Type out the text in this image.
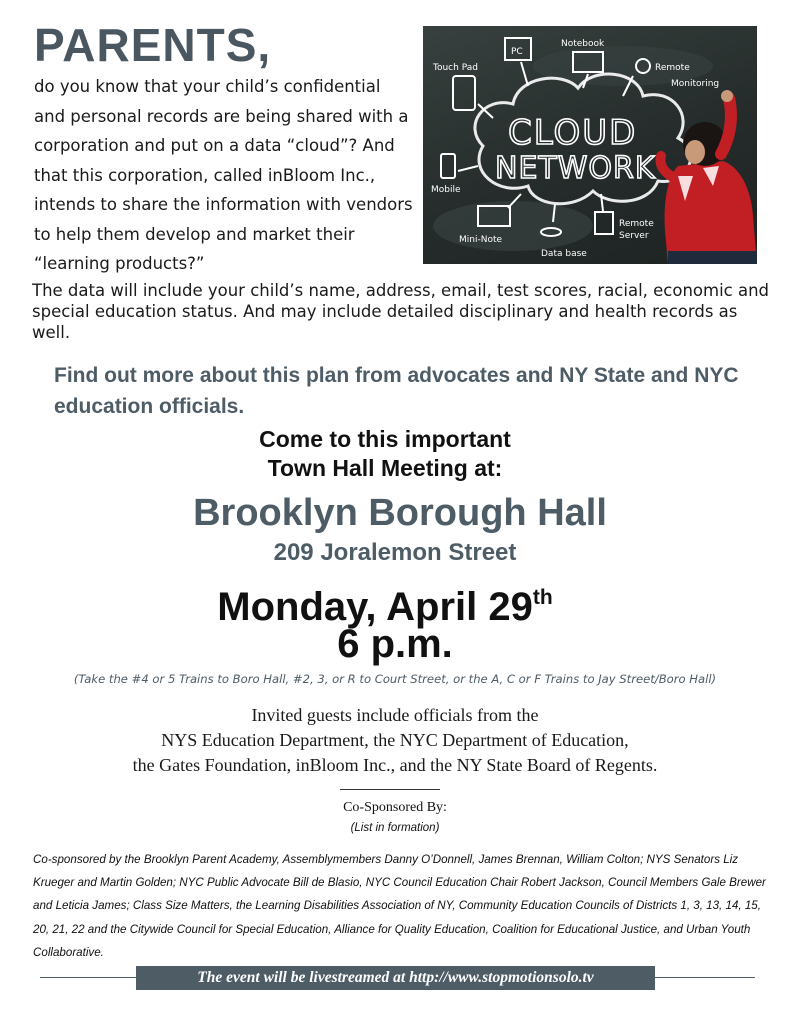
PARENTS,
do you know that your child’s confidential and personal records are being shared with a corporation and put on a data “cloud”? And that this corporation, called inBloom Inc., intends to share the information with vendors to help them develop and market their “learning products?”
CLOUD
NETWORK
Touch Pad
PC
Notebook
Remote
Monitoring
Mobile
Mini-Note
Data base
Remote
Server
The data will include your child’s name, address, email, test scores, racial, economic and special education status. And may include detailed disciplinary and health records as well.
Find out more about this plan from advocates and NY State and NYC education officials.
Come to this important
Town Hall Meeting at:
Brooklyn Borough Hall
209 Joralemon Street
Monday, April 29th
6 p.m.
(Take the #4 or 5 Trains to Boro Hall, #2, 3, or R to Court Street, or the A, C or F Trains to Jay Street/Boro Hall)
Invited guests include officials from the
NYS Education Department, the NYC Department of Education,
the Gates Foundation, inBloom Inc., and the NY State Board of Regents.
Co-Sponsored By:
(List in formation)
Co-sponsored by the Brooklyn Parent Academy, Assemblymembers Danny O’Donnell, James Brennan, William Colton; NYS Senators Liz Krueger and Martin Golden; NYC Public Advocate Bill de Blasio, NYC Council Education Chair Robert Jackson, Council Members Gale Brewer and Leticia James; Class Size Matters, the Learning Disabilities Association of NY, Community Education Councils of Districts 1, 3, 13, 14, 15, 20, 21, 22 and the Citywide Council for Special Education, Alliance for Quality Education, Coalition for Educational Justice, and Urban Youth Collaborative.
The event will be livestreamed at http://www.stopmotionsolo.tv
